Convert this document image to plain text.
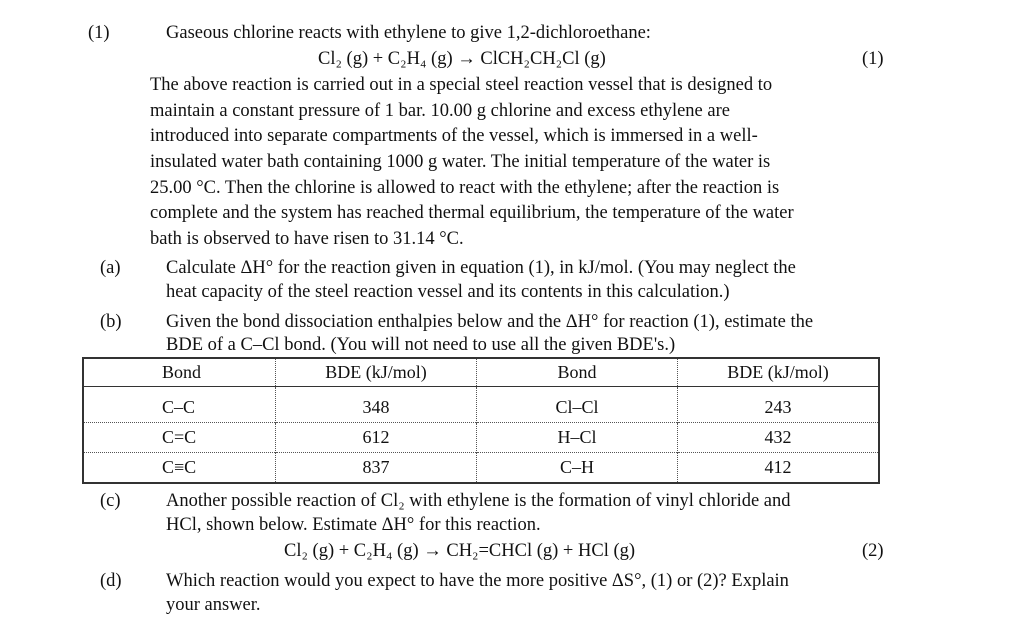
(1)	Gaseous chlorine reacts with ethylene to give 1,2-dichloroethane:
Cl₂ (g) + C₂H₄ (g) → ClCH₂CH₂Cl (g)	(1)
The above reaction is carried out in a special steel reaction vessel that is designed to
maintain a constant pressure of 1 bar. 10.00 g chlorine and excess ethylene are
introduced into separate compartments of the vessel, which is immersed in a well-
insulated water bath containing 1000 g water. The initial temperature of the water is
25.00 °C. Then the chlorine is allowed to react with the ethylene; after the reaction is
complete and the system has reached thermal equilibrium, the temperature of the water
bath is observed to have risen to 31.14 °C.
(a) Calculate ΔH° for the reaction given in equation (1), in kJ/mol. (You may neglect the
heat capacity of the steel reaction vessel and its contents in this calculation.)
(b) Given the bond dissociation enthalpies below and the ΔH° for reaction (1), estimate the
BDE of a C–Cl bond. (You will not need to use all the given BDE's.)
Bond	BDE (kJ/mol)	Bond	BDE (kJ/mol)
C–C	348	Cl–Cl	243
C=C	612	H–Cl	432
C≡C	837	C–H	412
(c) Another possible reaction of Cl₂ with ethylene is the formation of vinyl chloride and
HCl, shown below. Estimate ΔH° for this reaction.
Cl₂ (g) + C₂H₄ (g) → CH₂=CHCl (g) + HCl (g)	(2)
(d) Which reaction would you expect to have the more positive ΔS°, (1) or (2)? Explain
your answer.
